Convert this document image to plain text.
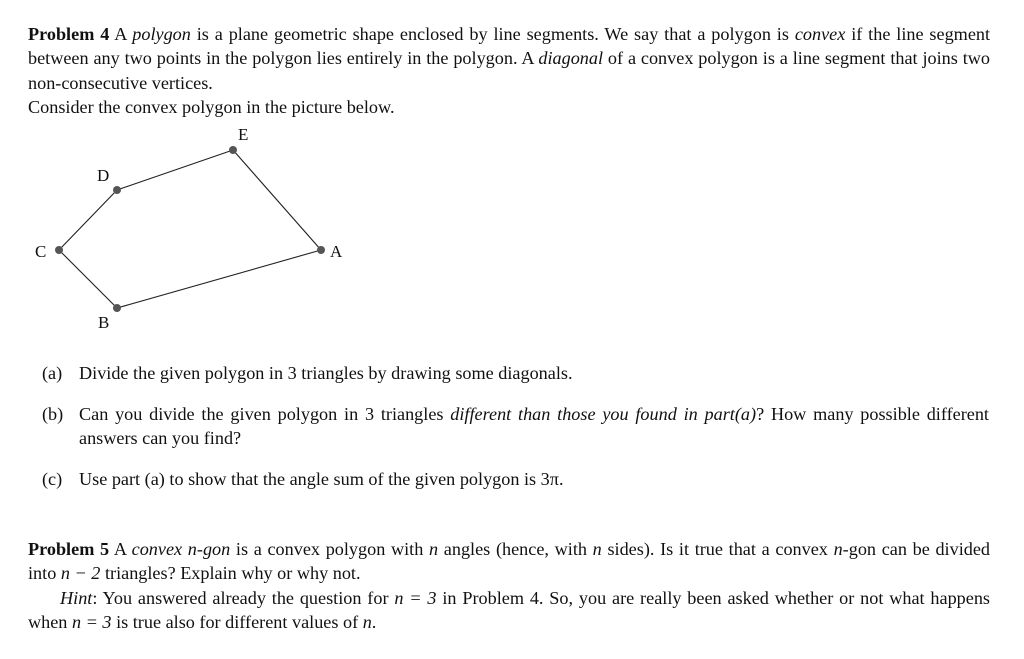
Problem 4 A polygon is a plane geometric shape enclosed by line segments. We say that a polygon is convex if the line segment between any two points in the polygon lies entirely in the polygon. A diagonal of a convex polygon is a line segment that joins two non-consecutive vertices.
Consider the convex polygon in the picture below.
A
B
C
D
E
(a) Divide the given polygon in 3 triangles by drawing some diagonals.
(b) Can you divide the given polygon in 3 triangles different than those you found in part(a)? How many possible different answers can you find?
(c) Use part (a) to show that the angle sum of the given polygon is 3π.
Problem 5 A convex n-gon is a convex polygon with n angles (hence, with n sides). Is it true that a convex n-gon can be divided into n − 2 triangles? Explain why or why not.
Hint: You answered already the question for n = 3 in Problem 4. So, you are really been asked whether or not what happens when n = 3 is true also for different values of n.
